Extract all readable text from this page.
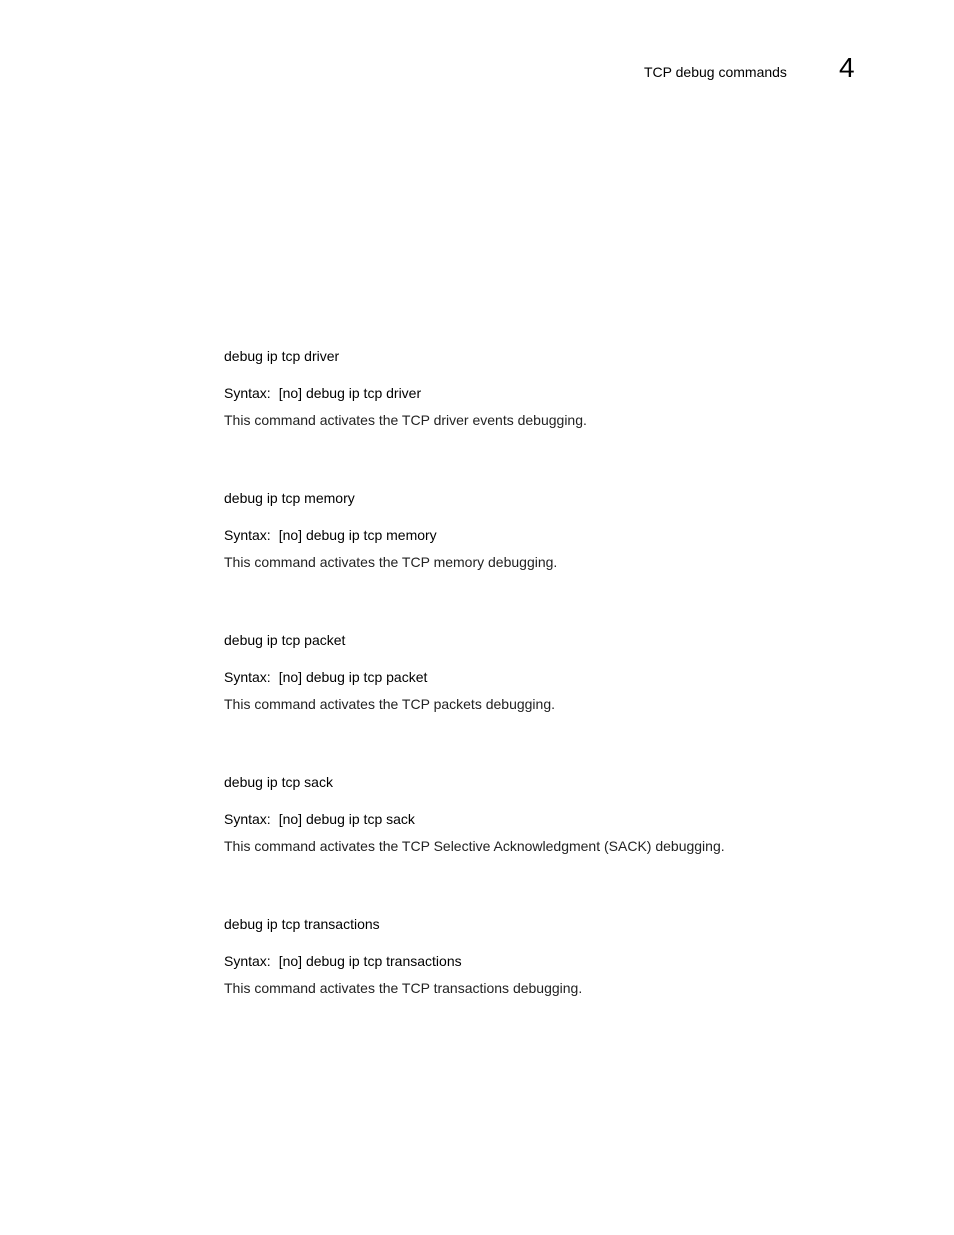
TCP debug commands 4
debug ip tcp driver

Syntax: [no] debug ip tcp driver

This command activates the TCP driver events debugging.

debug ip tcp memory

Syntax: [no] debug ip tcp memory

This command activates the TCP memory debugging.

debug ip tcp packet

Syntax: [no] debug ip tcp packet

This command activates the TCP packets debugging.

debug ip tcp sack

Syntax: [no] debug ip tcp sack

This command activates the TCP Selective Acknowledgment (SACK) debugging.

debug ip tcp transactions

Syntax: [no] debug ip tcp transactions

This command activates the TCP transactions debugging.
